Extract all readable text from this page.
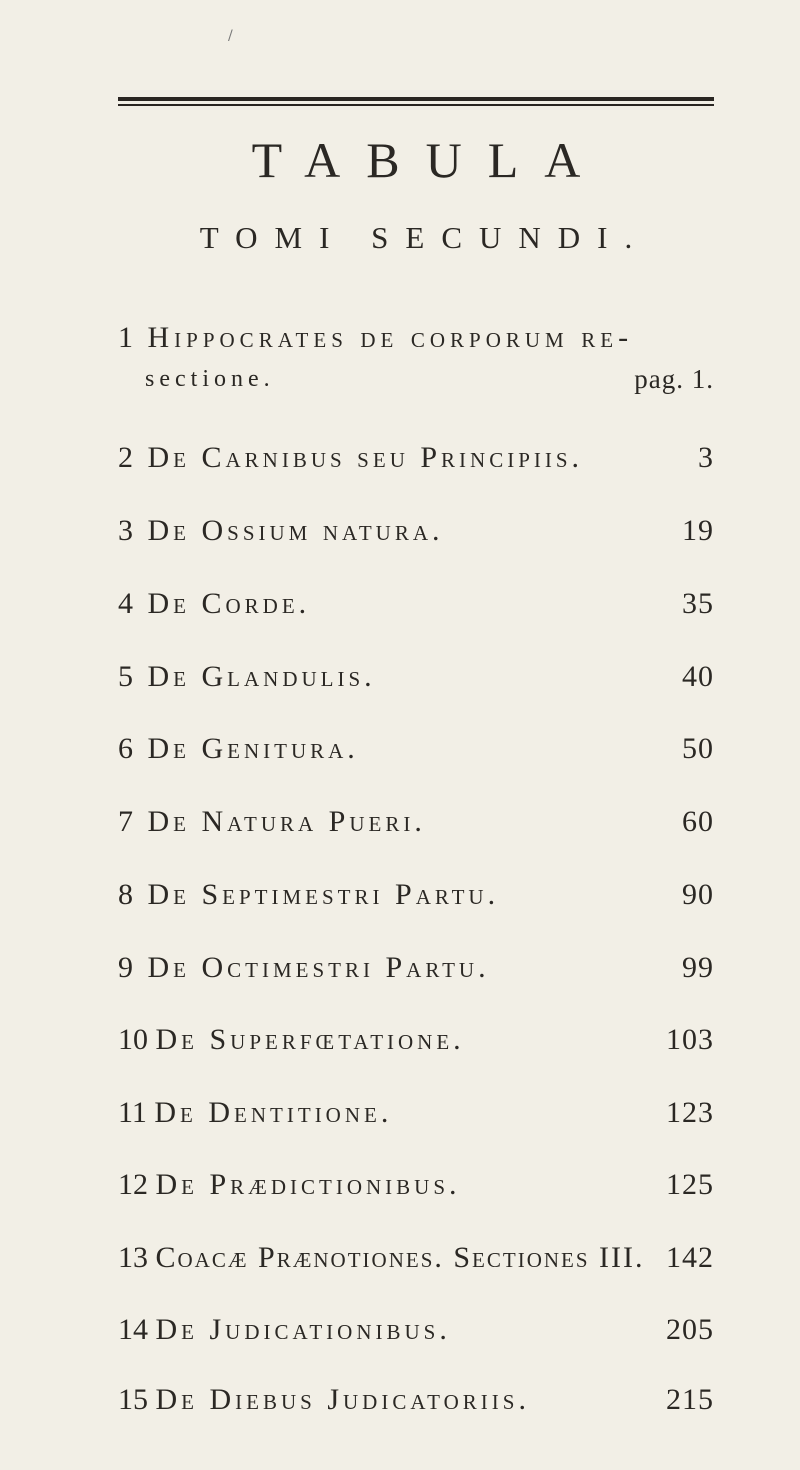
/
TABULA
TOMI SECUNDI.
1 Hippocrates de corporum re-
sectione.	pag. 1.
2 De Carnibus seu Principiis.	3
3 De Ossium natura.	19
4 De Corde.	35
5 De Glandulis.	40
6 De Genitura.	50
7 De Natura Pueri.	60
8 De Septimestri Partu.	90
9 De Octimestri Partu.	99
10 De Superfœtatione.	103
11 De Dentitione.	123
12 De Prædictionibus.	125
13 Coacæ Prænotiones. Sectiones III. 142
14 De Judicationibus.	205
15 De Diebus Judicatoriis.	215
